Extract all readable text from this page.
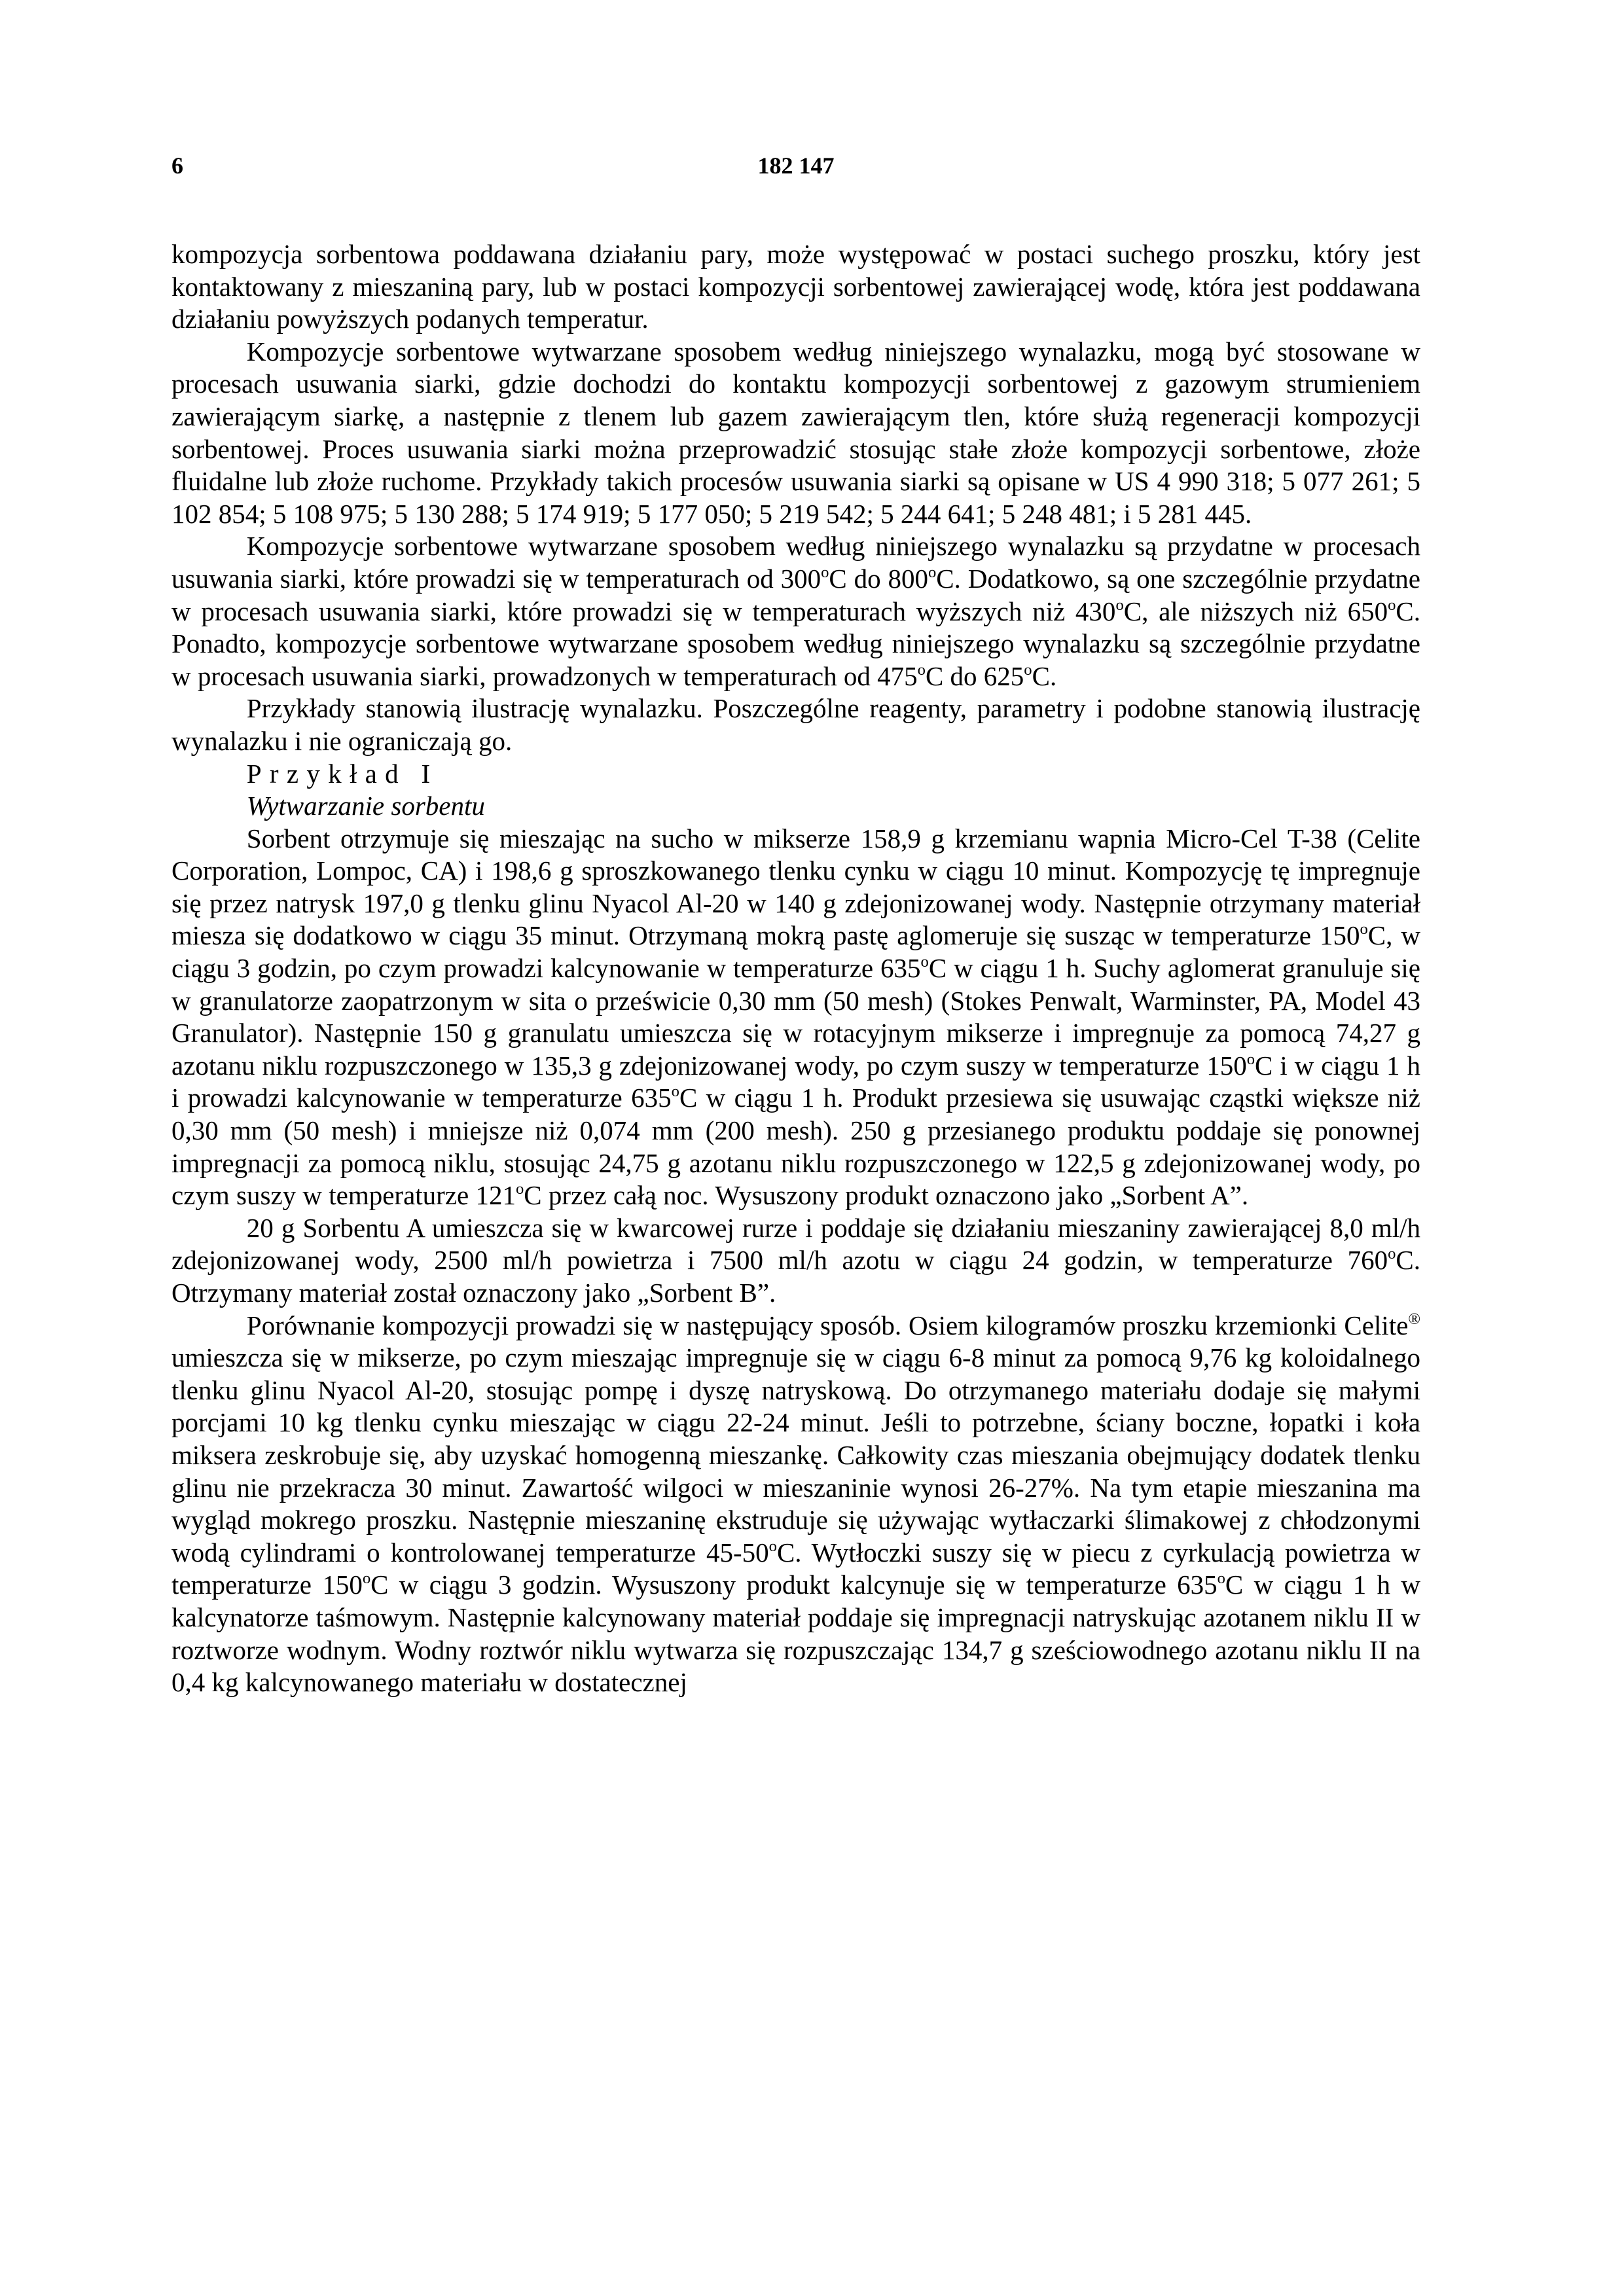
6	182 147

kompozycja sorbentowa poddawana działaniu pary, może występować w postaci suchego proszku, który jest kontaktowany z mieszaniną pary, lub w postaci kompozycji sorbentowej zawierającej wodę, która jest poddawana działaniu powyższych podanych temperatur.

Kompozycje sorbentowe wytwarzane sposobem według niniejszego wynalazku, mogą być stosowane w procesach usuwania siarki, gdzie dochodzi do kontaktu kompozycji sorbentowej z gazowym strumieniem zawierającym siarkę, a następnie z tlenem lub gazem zawierającym tlen, które służą regeneracji kompozycji sorbentowej. Proces usuwania siarki można przeprowadzić stosując stałe złoże kompozycji sorbentowe, złoże fluidalne lub złoże ruchome. Przykłady takich procesów usuwania siarki są opisane w US 4 990 318; 5 077 261; 5 102 854; 5 108 975; 5 130 288; 5 174 919; 5 177 050; 5 219 542; 5 244 641; 5 248 481; i 5 281 445.

Kompozycje sorbentowe wytwarzane sposobem według niniejszego wynalazku są przydatne w procesach usuwania siarki, które prowadzi się w temperaturach od 300$^o$C do 800$^o$C. Dodatkowo, są one szczególnie przydatne w procesach usuwania siarki, które prowadzi się w temperaturach wyższych niż 430$^o$C, ale niższych niż 650$^o$C. Ponadto, kompozycje sorbentowe wytwarzane sposobem według niniejszego wynalazku są szczególnie przydatne w procesach usuwania siarki, prowadzonych w temperaturach od 475$^o$C do 625$^o$C.

Przykłady stanowią ilustrację wynalazku. Poszczególne reagenty, parametry i podobne stanowią ilustrację wynalazku i nie ograniczają go.

Przykład I

Wytwarzanie sorbentu

Sorbent otrzymuje się mieszając na sucho w mikserze 158,9 g krzemianu wapnia Micro-Cel T-38 (Celite Corporation, Lompoc, CA) i 198,6 g sproszkowanego tlenku cynku w ciągu 10 minut. Kompozycję tę impregnuje się przez natrysk 197,0 g tlenku glinu Nyacol Al-20 w 140 g zdejonizowanej wody. Następnie otrzymany materiał miesza się dodatkowo w ciągu 35 minut. Otrzymaną mokrą pastę aglomeruje się susząc w temperaturze 150$^o$C, w ciągu 3 godzin, po czym prowadzi kalcynowanie w temperaturze 635$^o$C w ciągu 1 h. Suchy aglomerat granuluje się w granulatorze zaopatrzonym w sita o prześwicie 0,30 mm (50 mesh) (Stokes Penwalt, Warminster, PA, Model 43 Granulator). Następnie 150 g granulatu umieszcza się w rotacyjnym mikserze i impregnuje za pomocą 74,27 g azotanu niklu rozpuszczonego w 135,3 g zdejonizowanej wody, po czym suszy w temperaturze 150$^o$C i w ciągu 1 h i prowadzi kalcynowanie w temperaturze 635$^o$C w ciągu 1 h. Produkt przesiewa się usuwając cząstki większe niż 0,30 mm (50 mesh) i mniejsze niż 0,074 mm (200 mesh). 250 g przesianego produktu poddaje się ponownej impregnacji za pomocą niklu, stosując 24,75 g azotanu niklu rozpuszczonego w 122,5 g zdejonizowanej wody, po czym suszy w temperaturze 121$^o$C przez całą noc. Wysuszony produkt oznaczono jako „Sorbent A”.

20 g Sorbentu A umieszcza się w kwarcowej rurze i poddaje się działaniu mieszaniny zawierającej 8,0 ml/h zdejonizowanej wody, 2500 ml/h powietrza i 7500 ml/h azotu w ciągu 24 godzin, w temperaturze 760$^o$C. Otrzymany materiał został oznaczony jako „Sorbent B”.

Porównanie kompozycji prowadzi się w następujący sposób. Osiem kilogramów proszku krzemionki Celite® umieszcza się w mikserze, po czym mieszając impregnuje się w ciągu 6-8 minut za pomocą 9,76 kg koloidalnego tlenku glinu Nyacol Al-20, stosując pompę i dyszę natryskową. Do otrzymanego materiału dodaje się małymi porcjami 10 kg tlenku cynku mieszając w ciągu 22-24 minut. Jeśli to potrzebne, ściany boczne, łopatki i koła miksera zeskrobuje się, aby uzyskać homogenną mieszankę. Całkowity czas mieszania obejmujący dodatek tlenku glinu nie przekracza 30 minut. Zawartość wilgoci w mieszaninie wynosi 26-27%. Na tym etapie mieszanina ma wygląd mokrego proszku. Następnie mieszaninę ekstruduje się używając wytłaczarki ślimakowej z chłodzonymi wodą cylindrami o kontrolowanej temperaturze 45-50$^o$C. Wytłoczki suszy się w piecu z cyrkulacją powietrza w temperaturze 150$^o$C w ciągu 3 godzin. Wysuszony produkt kalcynuje się w temperaturze 635$^o$C w ciągu 1 h w kalcynatorze taśmowym. Następnie kalcynowany materiał poddaje się impregnacji natryskując azotanem niklu II w roztworze wodnym. Wodny roztwór niklu wytwarza się rozpuszczając 134,7 g sześciowodnego azotanu niklu II na 0,4 kg kalcynowanego materiału w dostatecznej
